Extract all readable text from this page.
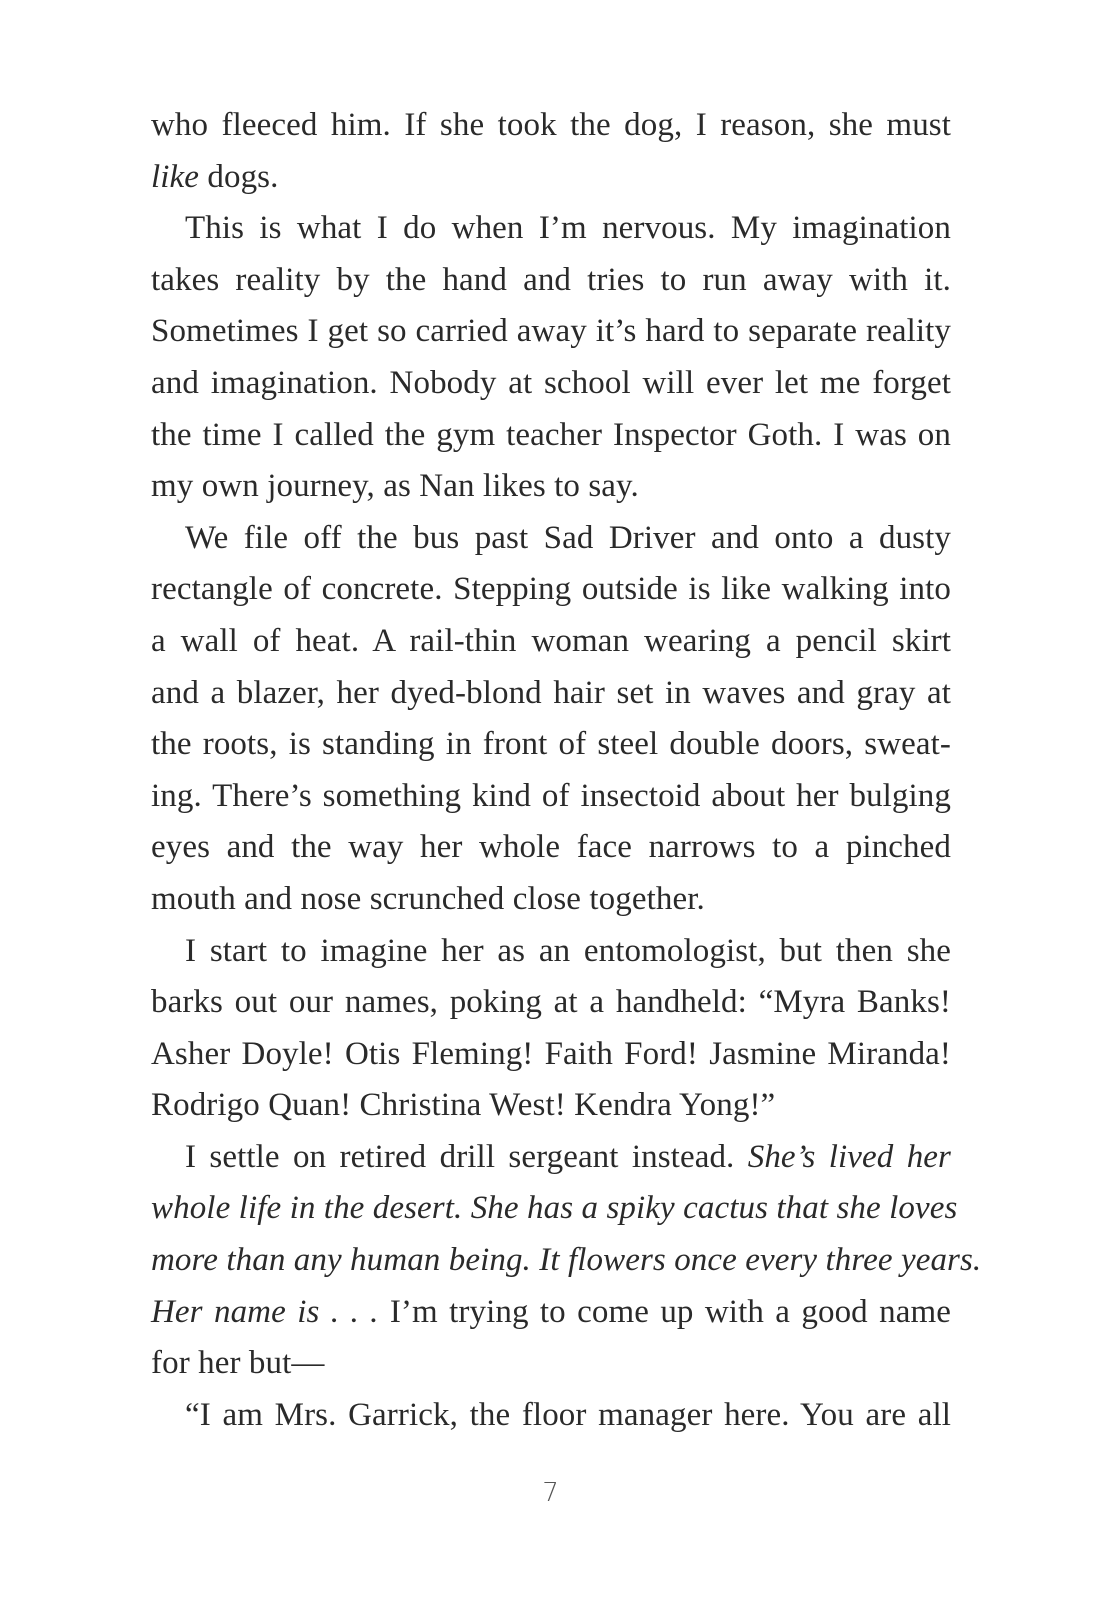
who fleeced him. If she took the dog, I reason, she must
like dogs.
This is what I do when I’m nervous. My imagination
takes reality by the hand and tries to run away with it.
Sometimes I get so carried away it’s hard to separate reality
and imagination. Nobody at school will ever let me forget
the time I called the gym teacher Inspector Goth. I was on
my own journey, as Nan likes to say.
We file off the bus past Sad Driver and onto a dusty
rectangle of concrete. Stepping outside is like walking into
a wall of heat. A rail-thin woman wearing a pencil skirt
and a blazer, her dyed-blond hair set in waves and gray at
the roots, is standing in front of steel double doors, sweat-
ing. There’s something kind of insectoid about her bulging
eyes and the way her whole face narrows to a pinched
mouth and nose scrunched close together.
I start to imagine her as an entomologist, but then she
barks out our names, poking at a handheld: “Myra Banks!
Asher Doyle! Otis Fleming! Faith Ford! Jasmine Miranda!
Rodrigo Quan! Christina West! Kendra Yong!”
I settle on retired drill sergeant instead. She’s lived her
whole life in the desert. She has a spiky cactus that she loves
more than any human being. It flowers once every three years.
Her name is . . . I’m trying to come up with a good name
for her but—
“I am Mrs. Garrick, the floor manager here. You are all
7
